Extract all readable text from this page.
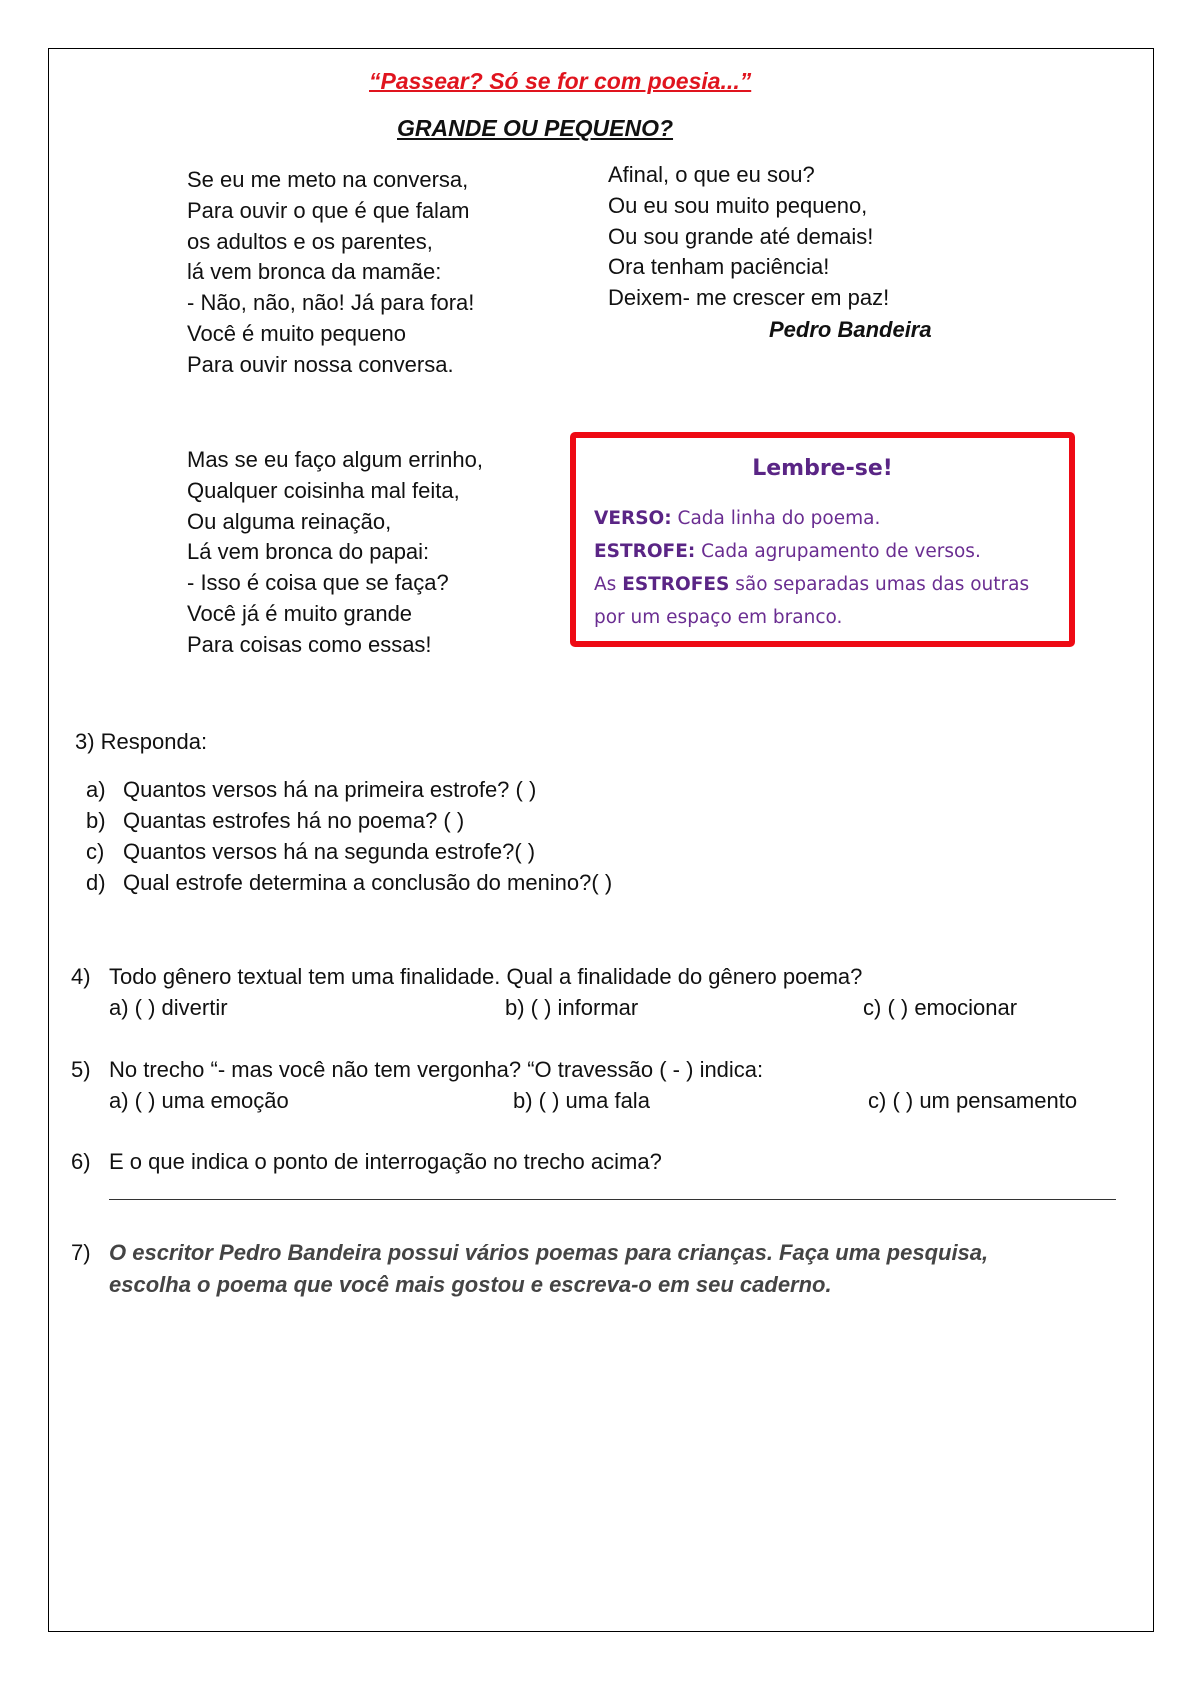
“Passear? Só se for com poesia...”
GRANDE OU PEQUENO?
Se eu me meto na conversa,
Para ouvir o que é que falam
os adultos e os parentes,
lá vem bronca da mamãe:
- Não, não, não! Já para fora!
Você é muito pequeno
Para ouvir nossa conversa.
Afinal, o que eu sou?
Ou eu sou muito pequeno,
Ou sou grande até demais!
Ora tenham paciência!
Deixem- me crescer em paz!
Pedro Bandeira
Mas se eu faço algum errinho,
Qualquer coisinha mal feita,
Ou alguma reinação,
Lá vem bronca do papai:
- Isso é coisa que se faça?
Você já é muito grande
Para coisas como essas!
Lembre-se!
VERSO: Cada linha do poema.
ESTROFE: Cada agrupamento de versos.
As ESTROFES são separadas umas das outras
por um espaço em branco.
3) Responda:
a) Quantos versos há na primeira estrofe? ( )
b) Quantas estrofes há no poema? ( )
c) Quantos versos há na segunda estrofe?( )
d) Qual estrofe determina a conclusão do menino?( )
4) Todo gênero textual tem uma finalidade. Qual a finalidade do gênero poema?
a) ( ) divertir	b) ( ) informar	c) ( ) emocionar
5) No trecho “- mas você não tem vergonha? “O travessão ( - ) indica:
a) ( ) uma emoção	b) ( ) uma fala	c) ( ) um pensamento
6) E o que indica o ponto de interrogação no trecho acima?
7) O escritor Pedro Bandeira possui vários poemas para crianças. Faça uma pesquisa,
escolha o poema que você mais gostou e escreva-o em seu caderno.
